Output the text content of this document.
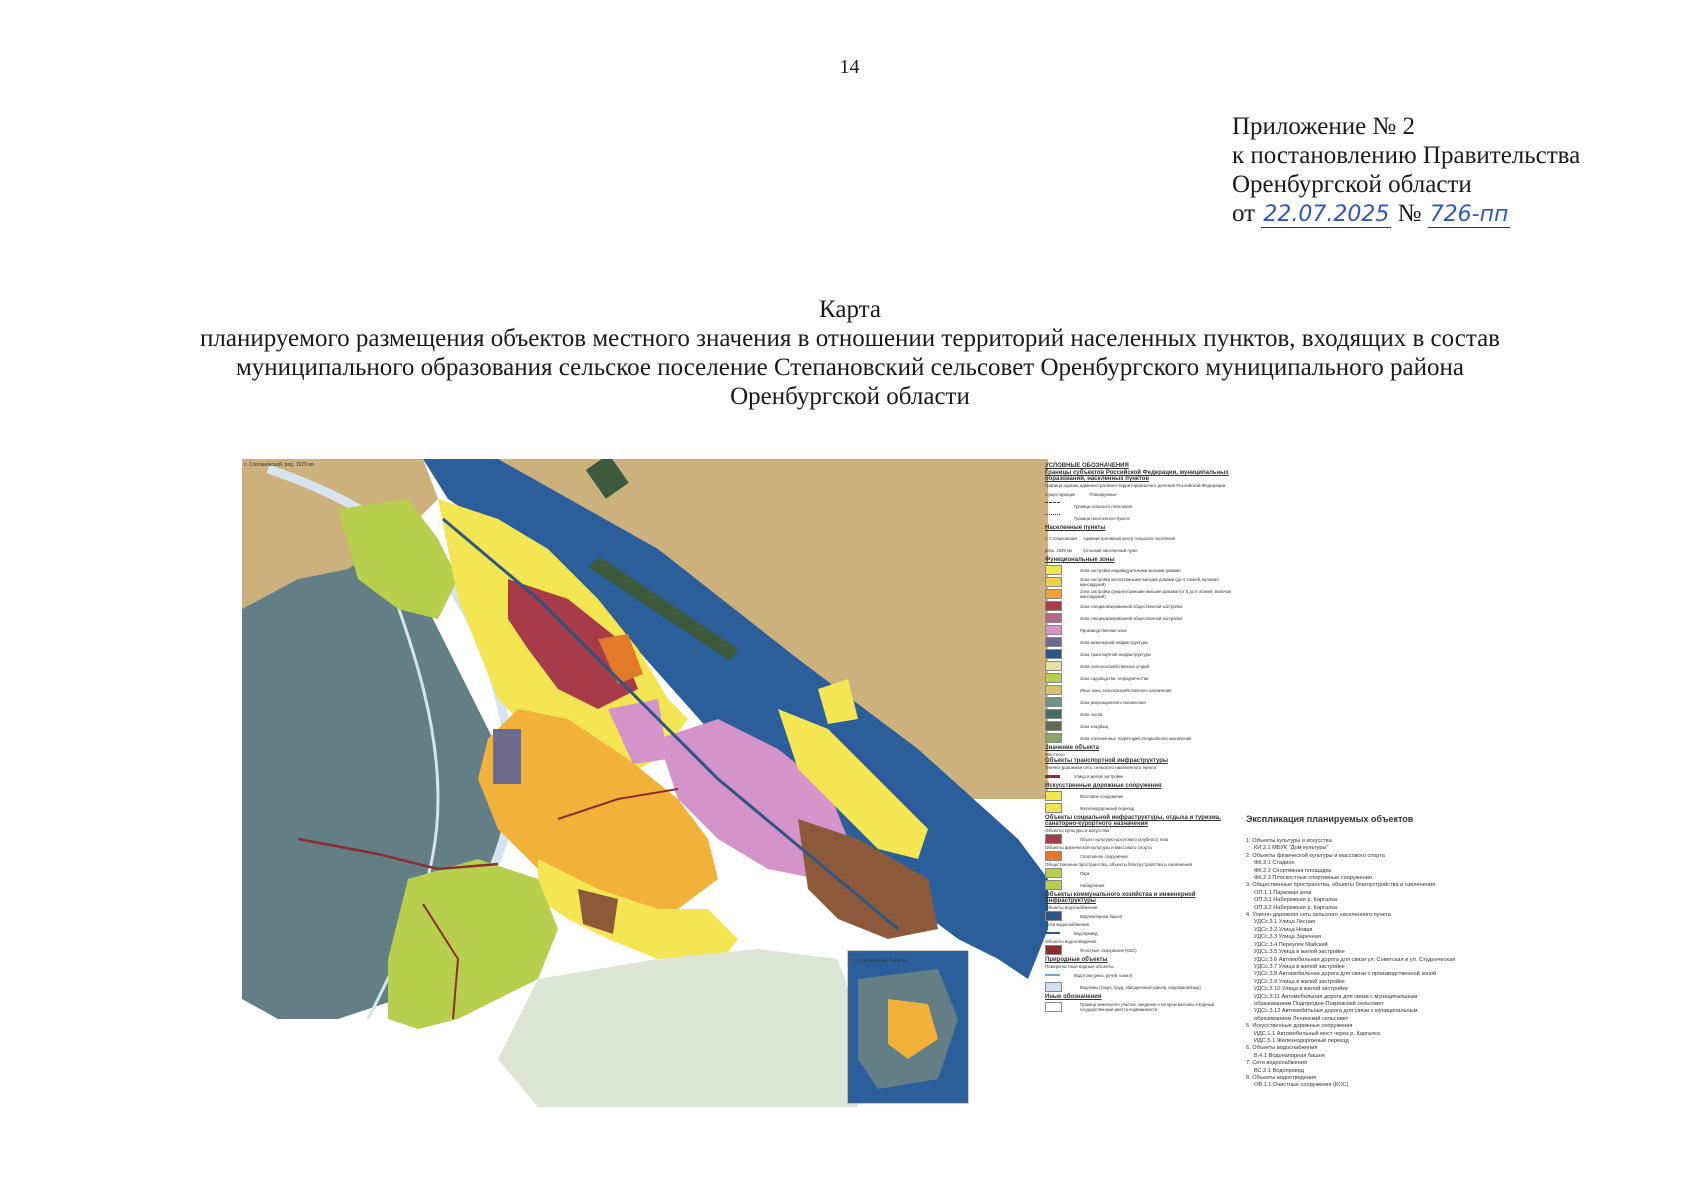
14
Приложение № 2
к постановлению Правительства
Оренбургской области
от 22.07.2025 № 726-пп
Карта
планируемого размещения объектов местного значения в отношении территорий населенных пунктов, входящих в состав
муниципального образования сельское поселение Степановский сельсовет Оренбургского муниципального района
Оренбургской области
с. Степановский, ред. 1929 км
с. Степановский Генплан
УСЛОВНЫЕ ОБОЗНАЧЕНИЯ
Границы субъектов Российской Федерации, муниципальных образований, населенных пунктов
Граница единиц административно-территориального деления Российской Федерации
Существующие	Планируемые
Граница сельского поселения
Граница населенного пункта
Населенные пункты
с. Степановский	Административный центр сельского поселения
разъ. 1929 км	Сельский населенный пункт
Функциональные зоны
Зона застройки индивидуальными жилыми домами
Зона застройки малоэтажными жилыми домами (до 4 этажей, включая мансардный)
Зона застройки среднеэтажными жилыми домами (от 5 до 8 этажей, включая мансардный)
Зона специализированной общественной застройки
Зона специализированной общественной застройки
Производственная зона
Зона инженерной инфраструктуры
Зона транспортной инфраструктуры
Зона сельскохозяйственных угодий
Зона садоводства, огородничества
Иные зоны сельскохозяйственного назначения
Зона рекреационного назначения
Зона лесов
Зона кладбищ
Зона озелененных территорий специального назначения
Значение объекта
Местного
Объекты транспортной инфраструктуры
Улично-дорожная сеть сельского населенного пункта
Улица в жилой застройке
Искусственные дорожные сооружения
Мостовое сооружение
Железнодорожный переезд
Объекты социальной инфраструктуры, отдыха и туризма, санаторно-курортного назначения
Объекты культуры и искусства
Объект культурно-досугового (клубного) типа
Объекты физической культуры и массового спорта
Спортивное сооружение
Общественные пространства, объекты благоустройства и озеленения
Парк
Набережная
Объекты коммунального хозяйства и инженерной инфраструктуры
Объекты водоснабжения
Водонапорная башня
Сети водоснабжения
Водопровод
Объекты водоотведения
Очистные сооружения (КОС)
Природные объекты
Поверхностные водные объекты
Водотоки (река, ручей, канал)
Водоемы (озеро, пруд, обводненный карьер, водохранилище)
Иные обозначения
Граница земельного участка, сведения о котором внесены в Единый государственный реестр недвижимости
Экспликация планируемых объектов
1. Объекты культуры и искусства
КИ.2.1 МБУК "Дом культуры"
2. Объекты физической культуры и массового спорта
ФК.2.1 Стадион
ФК.2.2 Спортивная площадка
ФК.2.3 Плоскостные спортивные сооружения
3. Общественные пространства, объекты благоустройства и озеленения
ОП.1.1 Парковая зона
ОП.3.1 Набережная р. Каргалка
ОП.3.2 Набережная р. Каргалка
4. Улично-дорожная сеть сельского населенного пункта
УДСс.3.1 Улица Лесная
УДСс.3.2 Улица Новая
УДСс.3.3 Улица Заречная
УДСс.3.4 Переулок Майский
УДСс.3.5 Улица в жилой застройке
УДСс.3.6 Автомобильная дорога для связи ул. Советская и ул. Студенческая
УДСс.3.7 Улица в жилой застройке
УДСс.3.8 Автомобильная дорога для связи с производственной зоной
УДСс.3.9 Улица в жилой застройке
УДСс.3.10 Улица в жилой застройке
УДСс.3.11 Автомобильная дорога для связи с муниципальным
образованием Подгородне-Покровский сельсовет
УДСс.3.12 Автомобильная дорога для связи с муниципальным
образованием Ленинский сельсовет
5. Искусственные дорожные сооружения
ИДС.1.1 Автомобильный мост через р. Каргалка
ИДС.5.1 Железнодорожный переезд
6. Объекты водоснабжения
В.4.1 Водонапорная башня
7. Сети водоснабжения
ВС.2.1 Водопровод
8. Объекты водоотведения
ОВ.1.1 Очистные сооружения (КОС)
